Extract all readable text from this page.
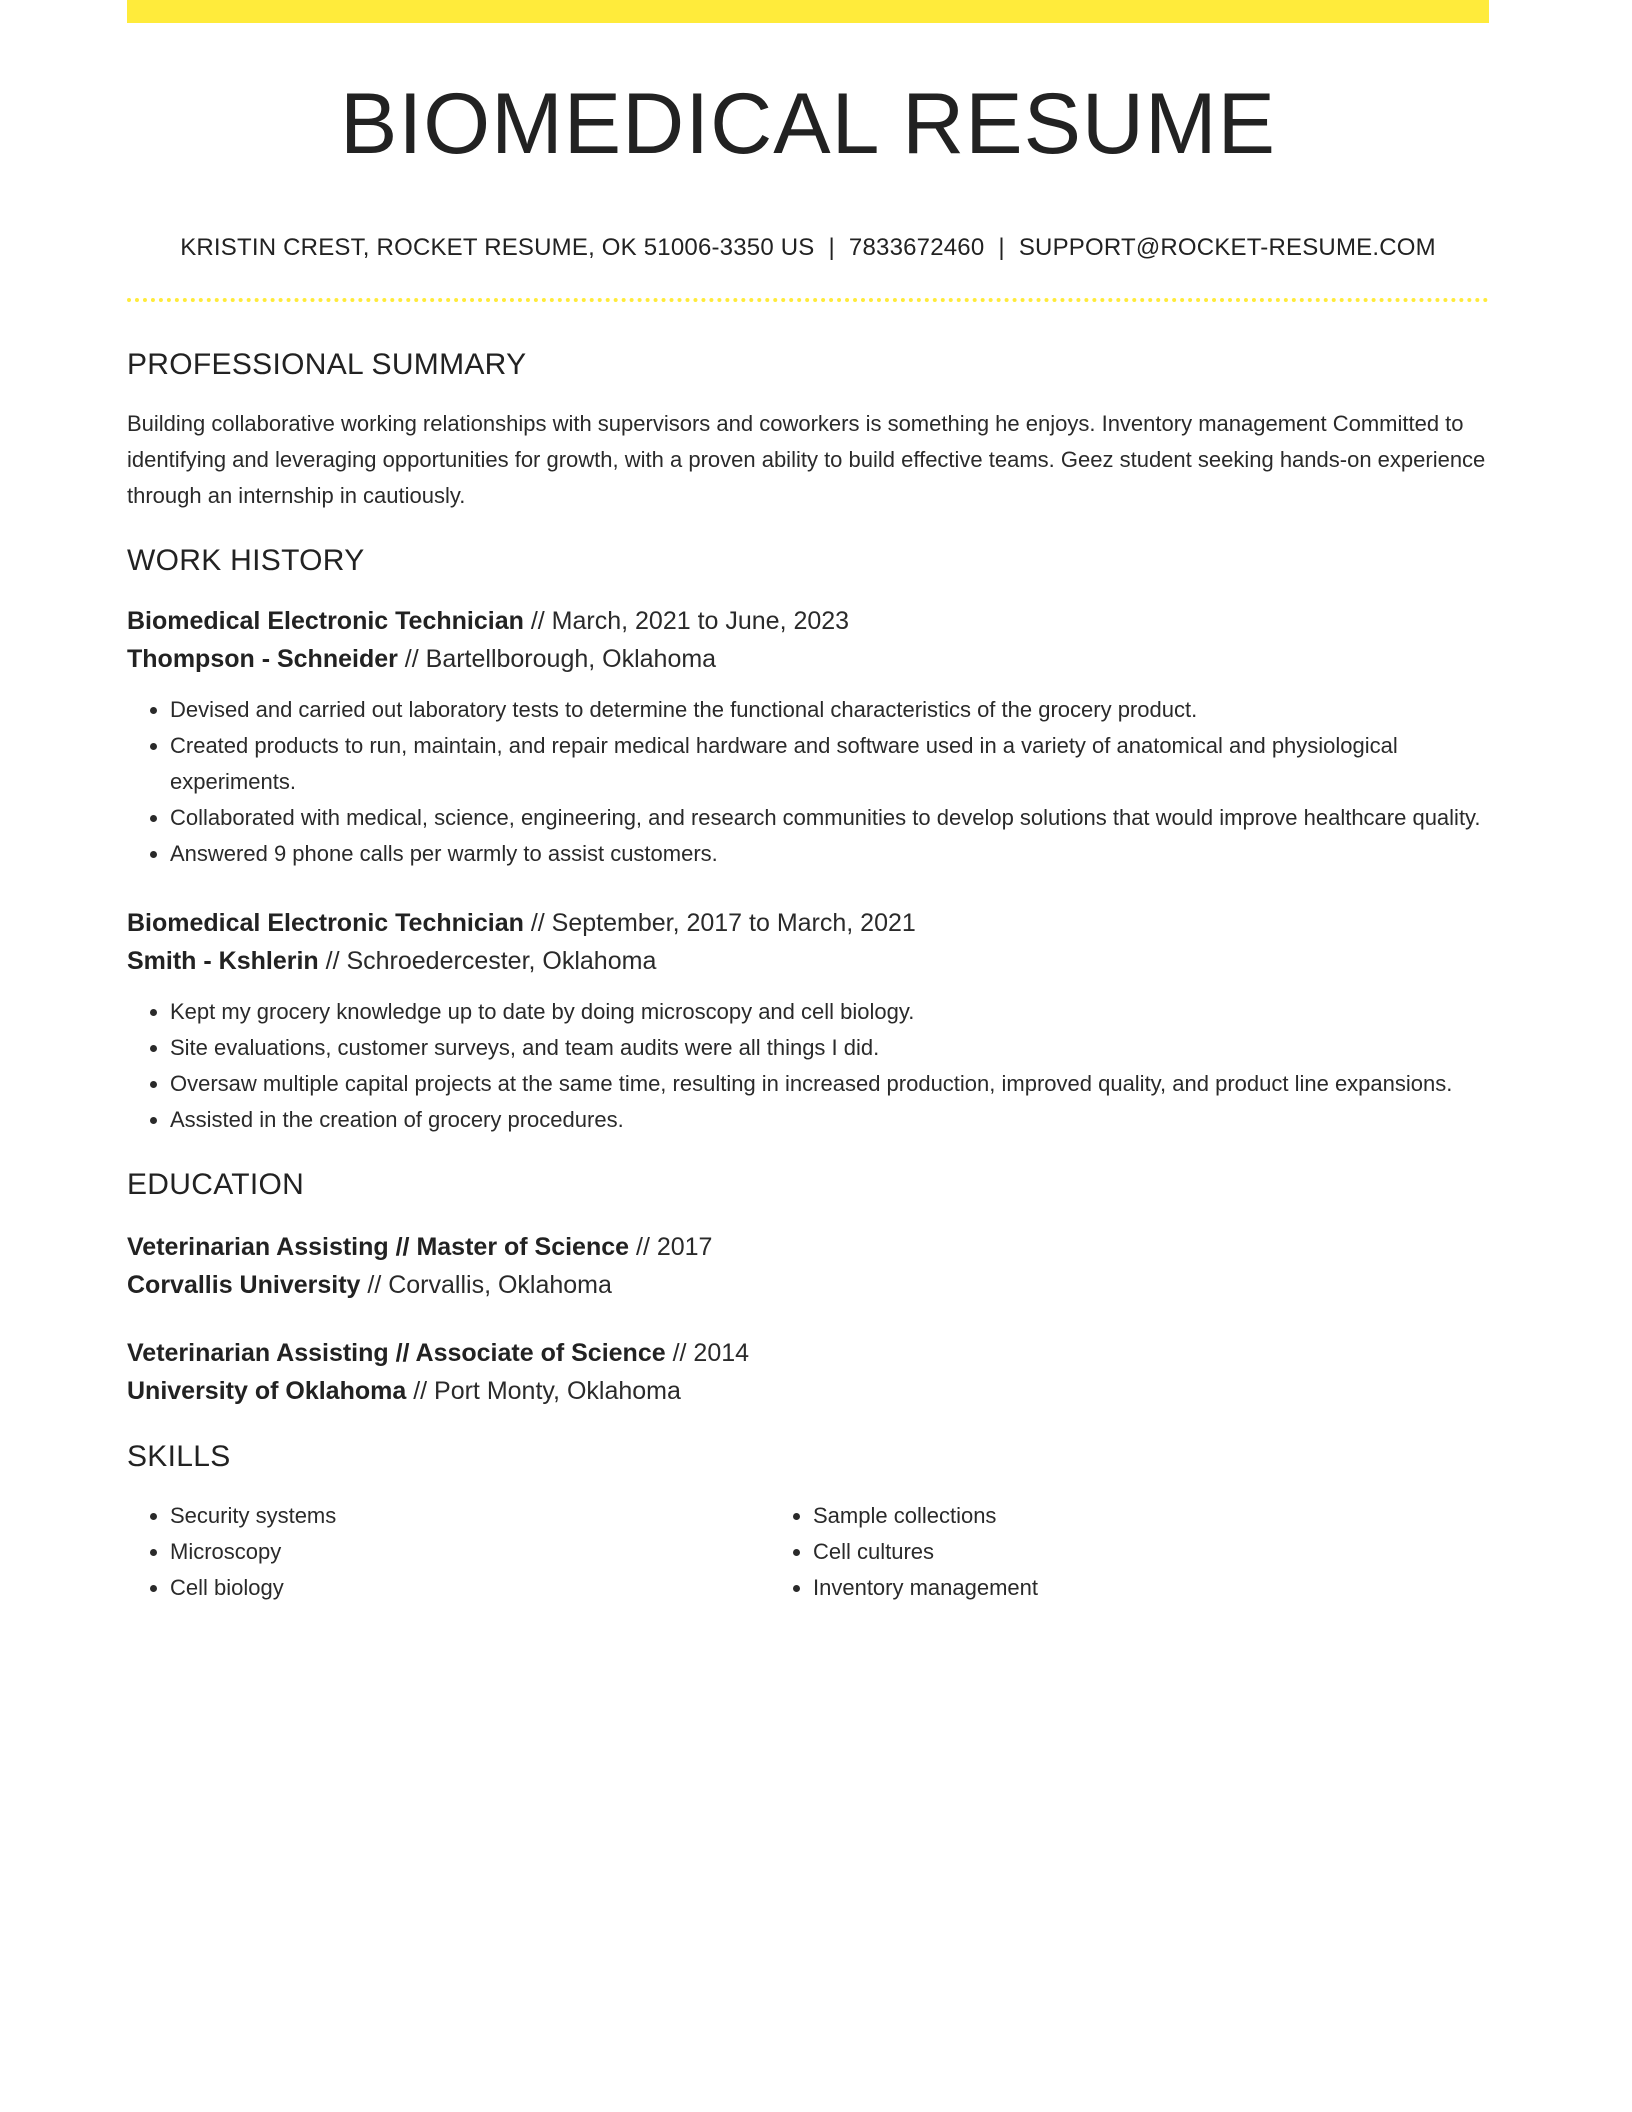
BIOMEDICAL RESUME
KRISTIN CREST, ROCKET RESUME, OK 51006-3350 US | 7833672460 | SUPPORT@ROCKET-RESUME.COM
PROFESSIONAL SUMMARY

Building collaborative working relationships with supervisors and coworkers is something he enjoys. Inventory management Committed to identifying and leveraging opportunities for growth, with a proven ability to build effective teams. Geez student seeking hands-on experience through an internship in cautiously.

WORK HISTORY
Biomedical Electronic Technician // March, 2021 to June, 2023
Thompson - Schneider // Bartellborough, Oklahoma
• Devised and carried out laboratory tests to determine the functional characteristics of the grocery product.
• Created products to run, maintain, and repair medical hardware and software used in a variety of anatomical and physiological experiments.
• Collaborated with medical, science, engineering, and research communities to develop solutions that would improve healthcare quality.
• Answered 9 phone calls per warmly to assist customers.
Biomedical Electronic Technician // September, 2017 to March, 2021
Smith - Kshlerin // Schroedercester, Oklahoma
• Kept my grocery knowledge up to date by doing microscopy and cell biology.
• Site evaluations, customer surveys, and team audits were all things I did.
• Oversaw multiple capital projects at the same time, resulting in increased production, improved quality, and product line expansions.
• Assisted in the creation of grocery procedures.
EDUCATION
Veterinarian Assisting // Master of Science // 2017
Corvallis University // Corvallis, Oklahoma
Veterinarian Assisting // Associate of Science // 2014
University of Oklahoma // Port Monty, Oklahoma
SKILLS
• Security systems
• Microscopy
• Cell biology
• Sample collections
• Cell cultures
• Inventory management
